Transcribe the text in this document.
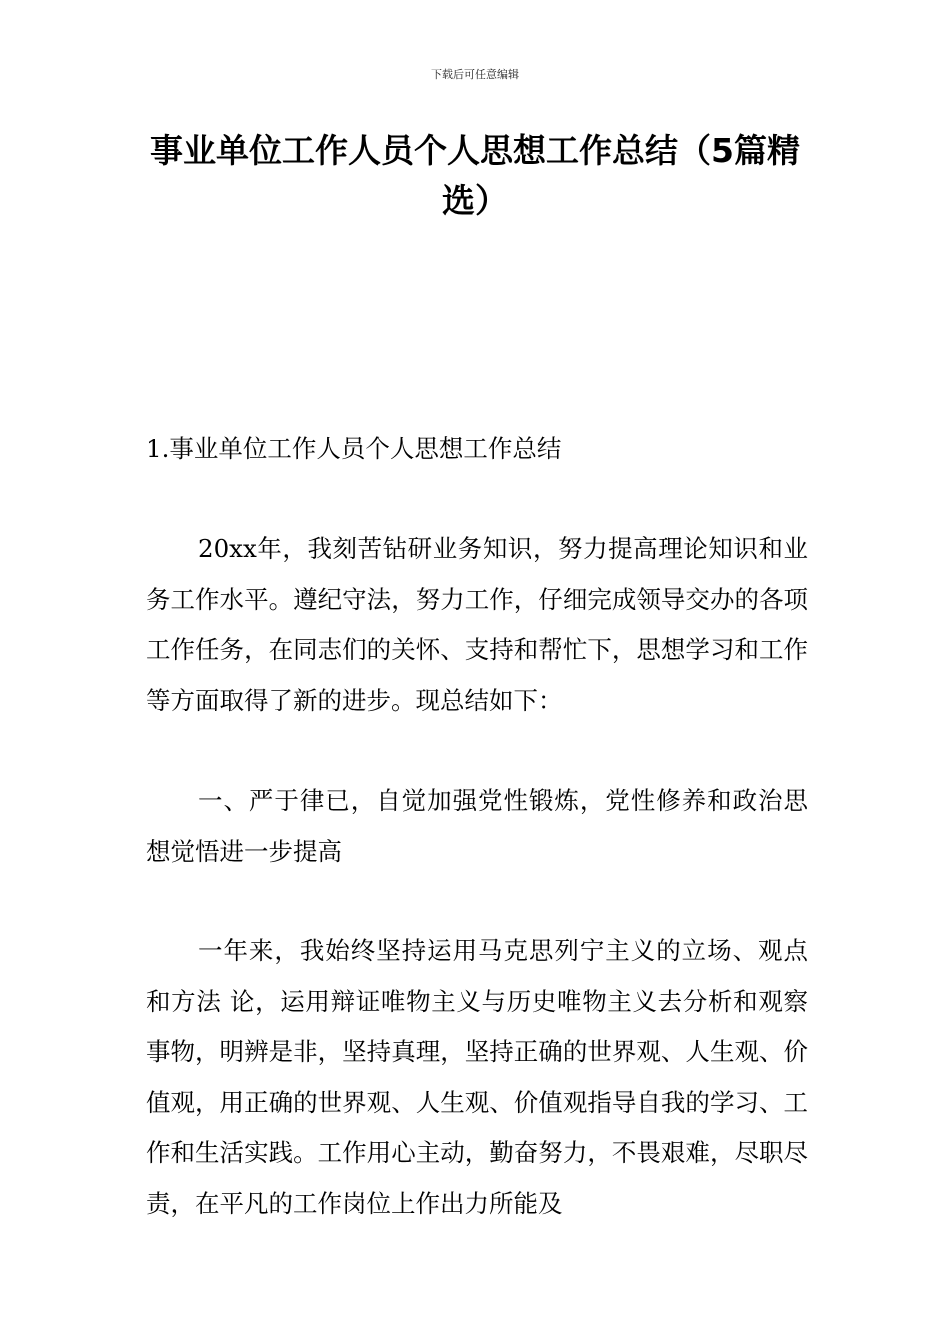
下载后可任意编辑
事业单位工作人员个人思想工作总结（5篇精选）

1.事业单位工作人员个人思想工作总结

20xx年，我刻苦钻研业务知识，努力提高理论知识和业务工作水平。遵纪守法，努力工作，仔细完成领导交办的各项工作任务，在同志们的关怀、支持和帮忙下，思想学习和工作等方面取得了新的进步。现总结如下：

一、严于律已，自觉加强党性锻炼，党性修养和政治思想觉悟进一步提高

一年来，我始终坚持运用马克思列宁主义的立场、观点和方法 论，运用辩证唯物主义与历史唯物主义去分析和观察事物，明辨是非，坚持真理，坚持正确的世界观、人生观、价值观，用正确的世界观、人生观、价值观指导自我的学习、工作和生活实践。工作用心主动，勤奋努力，不畏艰难，尽职尽责，在平凡的工作岗位上作出力所能及
